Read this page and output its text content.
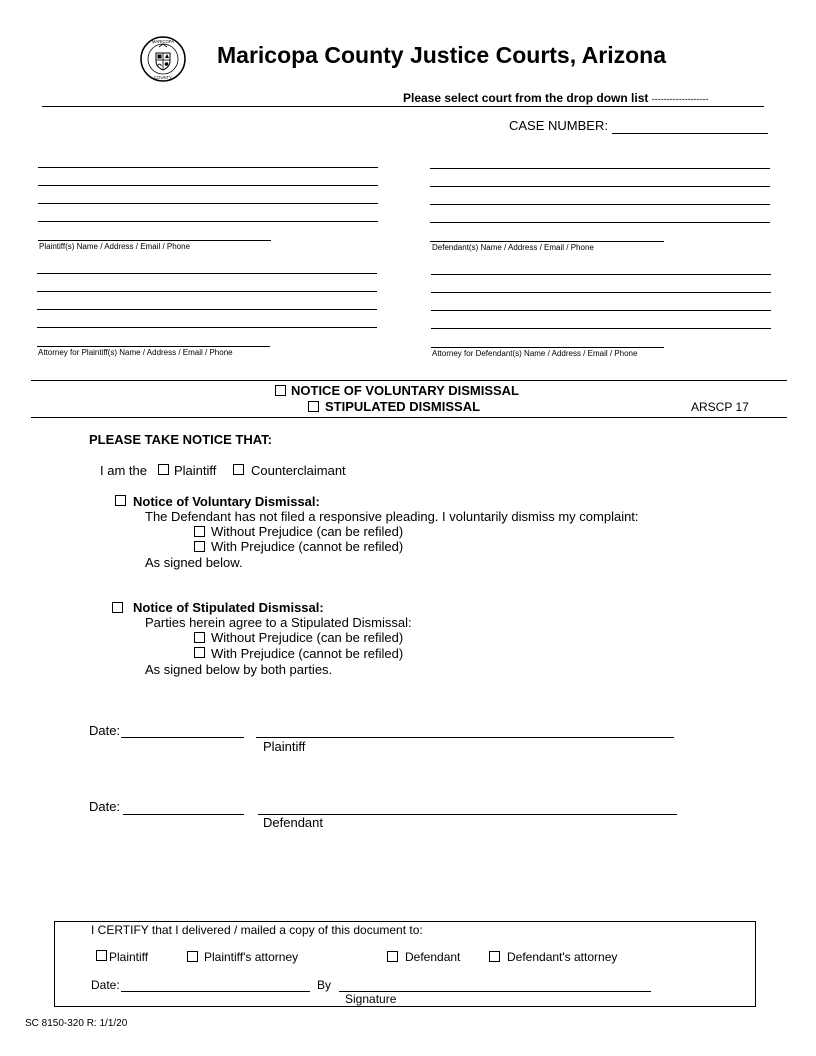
MARICOPA
COUNTY
Maricopa County Justice Courts, Arizona
Please select court from the drop down list -------------------
CASE NUMBER:
Plaintiff(s) Name / Address / Email / Phone	Defendant(s) Name / Address / Email / Phone
Attorney for Plaintiff(s) Name / Address / Email / Phone	Attorney for Defendant(s) Name / Address / Email / Phone
NOTICE OF VOLUNTARY DISMISSAL
STIPULATED DISMISSAL	ARSCP 17
PLEASE TAKE NOTICE THAT:
I am the Plaintiff	Counterclaimant
Notice of Voluntary Dismissal:
The Defendant has not filed a responsive pleading. I voluntarily dismiss my complaint:
Without Prejudice (can be refiled)
With Prejudice (cannot be refiled)
As signed below.
Notice of Stipulated Dismissal:
Parties herein agree to a Stipulated Dismissal:
Without Prejudice (can be refiled)
With Prejudice (cannot be refiled)
As signed below by both parties.
Date:
Plaintiff
Date:
Defendant
I CERTIFY that I delivered / mailed a copy of this document to:
Plaintiff	Plaintiff's attorney	Defendant	Defendant's attorney
Date:	By
Signature
SC 8150-320 R: 1/1/20
